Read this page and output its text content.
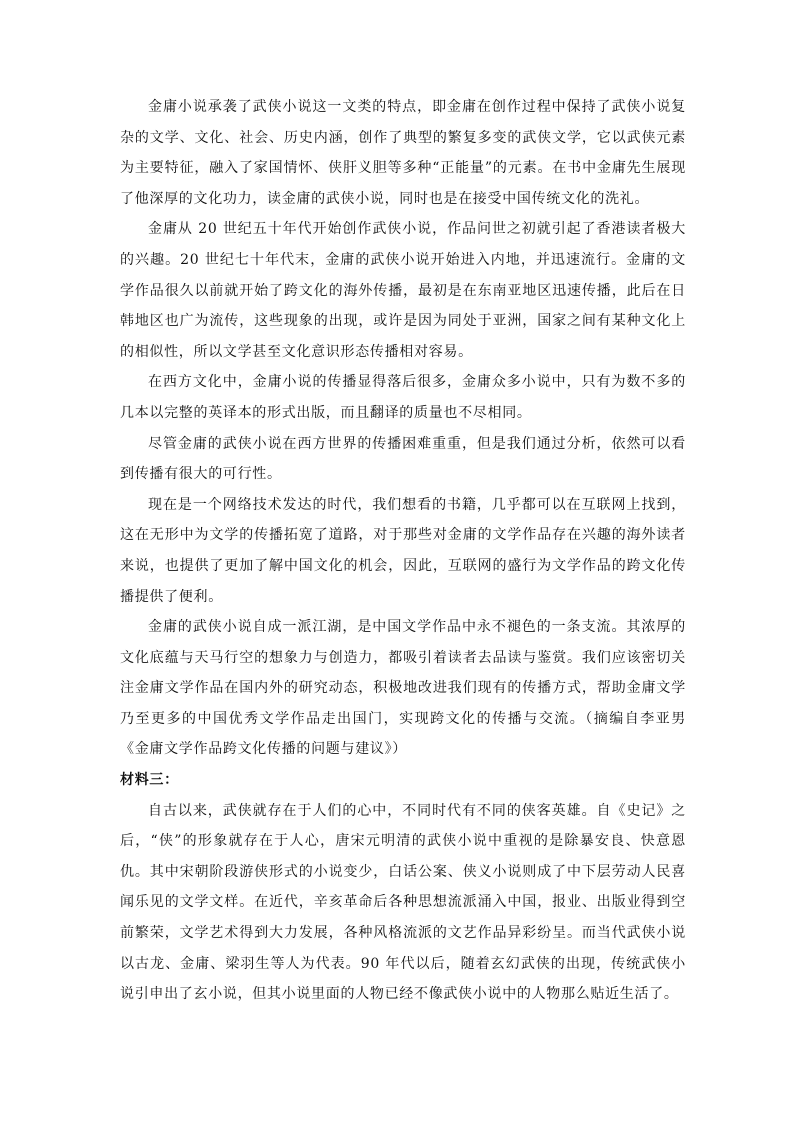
金庸小说承袭了武侠小说这一文类的特点，即金庸在创作过程中保持了武侠小说复杂的文学、文化、社会、历史内涵，创作了典型的繁复多变的武侠文学，它以武侠元素为主要特征，融入了家国情怀、侠肝义胆等多种“正能量”的元素。在书中金庸先生展现了他深厚的文化功力，读金庸的武侠小说，同时也是在接受中国传统文化的洗礼。

金庸从 20 世纪五十年代开始创作武侠小说，作品问世之初就引起了香港读者极大的兴趣。20 世纪七十年代末，金庸的武侠小说开始进入内地，并迅速流行。金庸的文学作品很久以前就开始了跨文化的海外传播，最初是在东南亚地区迅速传播，此后在日韩地区也广为流传，这些现象的出现，或许是因为同处于亚洲，国家之间有某种文化上的相似性，所以文学甚至文化意识形态传播相对容易。

在西方文化中，金庸小说的传播显得落后很多，金庸众多小说中，只有为数不多的几本以完整的英译本的形式出版，而且翻译的质量也不尽相同。

尽管金庸的武侠小说在西方世界的传播困难重重，但是我们通过分析，依然可以看到传播有很大的可行性。

现在是一个网络技术发达的时代，我们想看的书籍，几乎都可以在互联网上找到，这在无形中为文学的传播拓宽了道路，对于那些对金庸的文学作品存在兴趣的海外读者来说，也提供了更加了解中国文化的机会，因此，互联网的盛行为文学作品的跨文化传播提供了便利。

金庸的武侠小说自成一派江湖，是中国文学作品中永不褪色的一条支流。其浓厚的文化底蕴与天马行空的想象力与创造力，都吸引着读者去品读与鉴赏。我们应该密切关注金庸文学作品在国内外的研究动态，积极地改进我们现有的传播方式，帮助金庸文学乃至更多的中国优秀文学作品走出国门，实现跨文化的传播与交流。（摘编自李亚男《金庸文学作品跨文化传播的问题与建议》）

材料三：

自古以来，武侠就存在于人们的心中，不同时代有不同的侠客英雄。自《史记》之后，“侠”的形象就存在于人心，唐宋元明清的武侠小说中重视的是除暴安良、快意恩仇。其中宋朝阶段游侠形式的小说变少，白话公案、侠义小说则成了中下层劳动人民喜闻乐见的文学文样。在近代，辛亥革命后各种思想流派涌入中国，报业、出版业得到空前繁荣，文学艺术得到大力发展，各种风格流派的文艺作品异彩纷呈。而当代武侠小说以古龙、金庸、梁羽生等人为代表。90 年代以后，随着玄幻武侠的出现，传统武侠小说引申出了玄小说，但其小说里面的人物已经不像武侠小说中的人物那么贴近生活了。
